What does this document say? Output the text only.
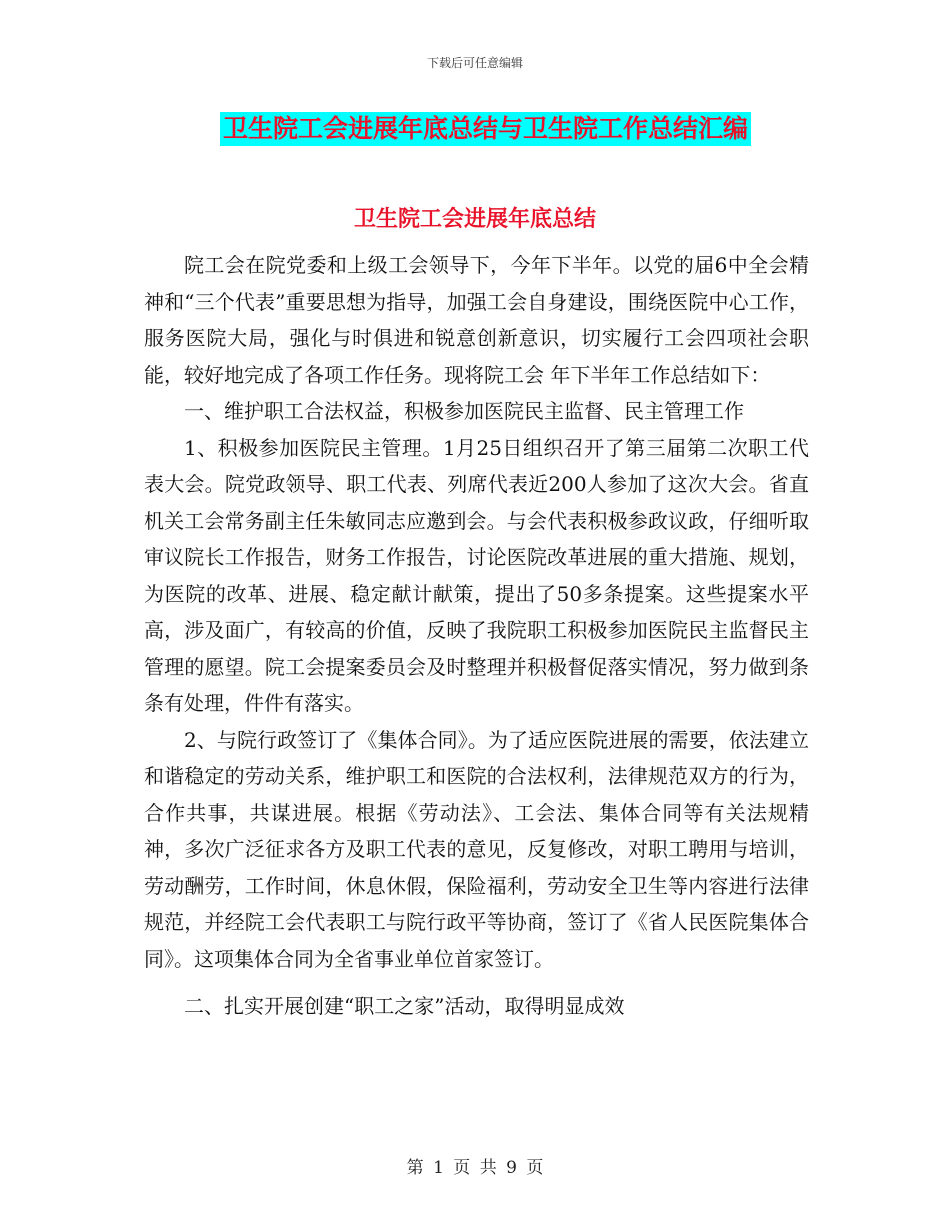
下载后可任意编辑
卫生院工会进展年底总结与卫生院工作总结汇编
卫生院工会进展年底总结

院工会在院党委和上级工会领导下，今年下半年。以党的届6中全会精神和“三个代表”重要思想为指导，加强工会自身建设，围绕医院中心工作，服务医院大局，强化与时俱进和锐意创新意识，切实履行工会四项社会职能，较好地完成了各项工作任务。现将院工会 年下半年工作总结如下：

一、维护职工合法权益，积极参加医院民主监督、民主管理工作

1、积极参加医院民主管理。1月25日组织召开了第三届第二次职工代表大会。院党政领导、职工代表、列席代表近200人参加了这次大会。省直机关工会常务副主任朱敏同志应邀到会。与会代表积极参政议政，仔细听取审议院长工作报告，财务工作报告，讨论医院改革进展的重大措施、规划，为医院的改革、进展、稳定献计献策，提出了50多条提案。这些提案水平高，涉及面广，有较高的价值，反映了我院职工积极参加医院民主监督民主管理的愿望。院工会提案委员会及时整理并积极督促落实情况，努力做到条条有处理，件件有落实。

2、与院行政签订了《集体合同》。为了适应医院进展的需要，依法建立和谐稳定的劳动关系，维护职工和医院的合法权利，法律规范双方的行为，合作共事，共谋进展。根据《劳动法》、工会法、集体合同等有关法规精神，多次广泛征求各方及职工代表的意见，反复修改，对职工聘用与培训，劳动酬劳，工作时间，休息休假，保险福利，劳动安全卫生等内容进行法律规范，并经院工会代表职工与院行政平等协商，签订了《省人民医院集体合同》。这项集体合同为全省事业单位首家签订。

二、扎实开展创建“职工之家”活动，取得明显成效

第 1 页 共 9 页
